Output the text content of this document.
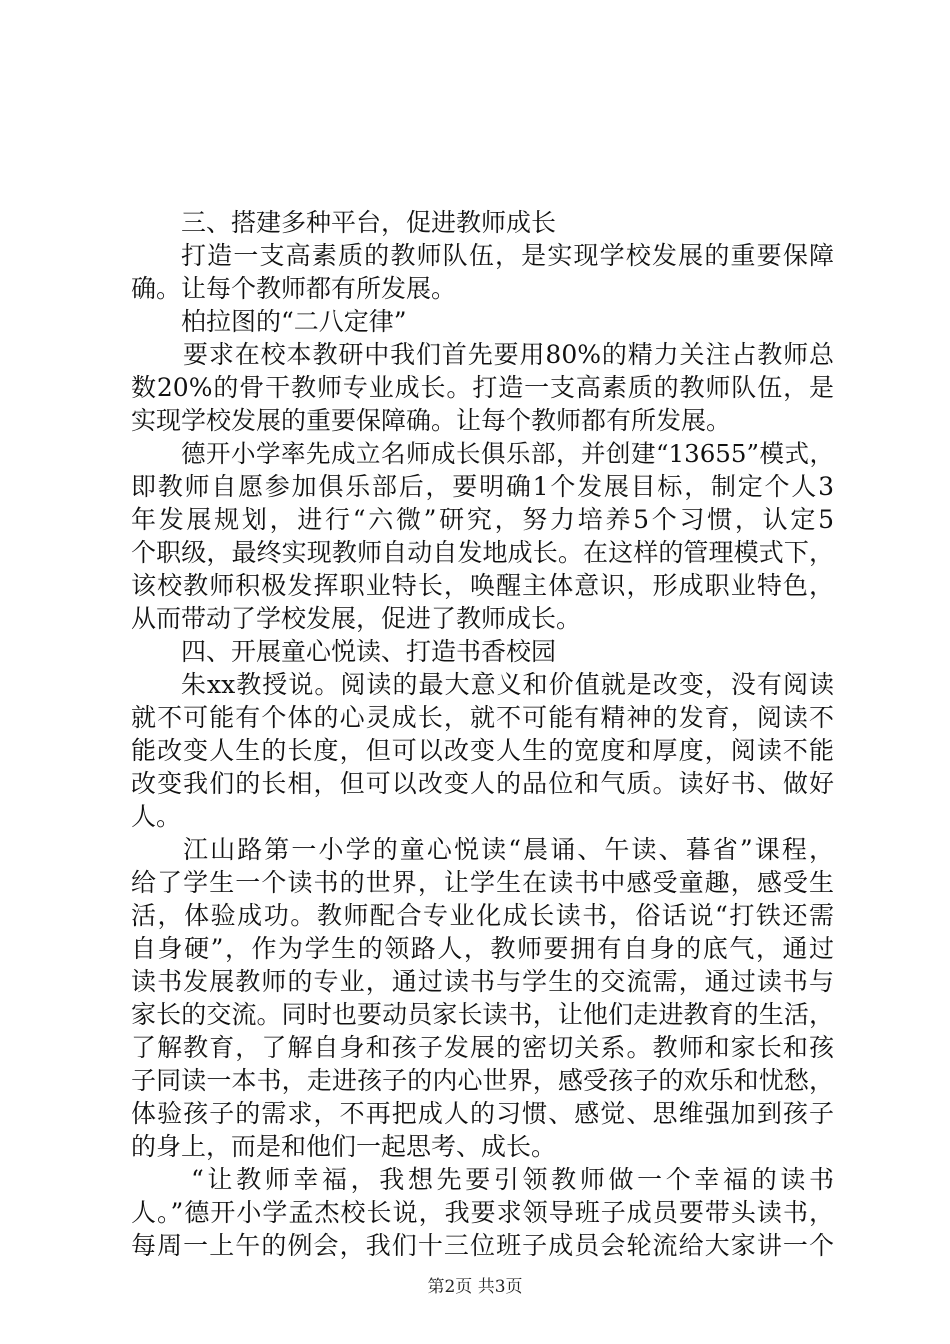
三、搭建多种平台，促进教师成长
打造一支高素质的教师队伍，是实现学校发展的重要保障
确。让每个教师都有所发展。
柏拉图的“二八定律”
要求在校本教研中我们首先要用80%的精力关注占教师总
数20%的骨干教师专业成长。打造一支高素质的教师队伍，是
实现学校发展的重要保障确。让每个教师都有所发展。
德开小学率先成立名师成长俱乐部，并创建“13655”模式，
即教师自愿参加俱乐部后，要明确1个发展目标，制定个人3
年发展规划，进行“六微”研究，努力培养5个习惯，认定5
个职级，最终实现教师自动自发地成长。在这样的管理模式下，
该校教师积极发挥职业特长，唤醒主体意识，形成职业特色，
从而带动了学校发展，促进了教师成长。
四、开展童心悦读、打造书香校园
朱xx教授说。阅读的最大意义和价值就是改变，没有阅读
就不可能有个体的心灵成长，就不可能有精神的发育，阅读不
能改变人生的长度，但可以改变人生的宽度和厚度，阅读不能
改变我们的长相，但可以改变人的品位和气质。读好书、做好
人。
江山路第一小学的童心悦读“晨诵、午读、暮省”课程，
给了学生一个读书的世界，让学生在读书中感受童趣，感受生
活，体验成功。教师配合专业化成长读书，俗话说“打铁还需
自身硬”，作为学生的领路人，教师要拥有自身的底气，通过
读书发展教师的专业，通过读书与学生的交流需，通过读书与
家长的交流。同时也要动员家长读书，让他们走进教育的生活，
了解教育，了解自身和孩子发展的密切关系。教师和家长和孩
子同读一本书，走进孩子的内心世界，感受孩子的欢乐和忧愁，
体验孩子的需求，不再把成人的习惯、感觉、思维强加到孩子
的身上，而是和他们一起思考、成长。
“让教师幸福，我想先要引领教师做一个幸福的读书
人。”德开小学孟杰校长说，我要求领导班子成员要带头读书，
每周一上午的例会，我们十三位班子成员会轮流给大家讲一个
第2页 共3页
